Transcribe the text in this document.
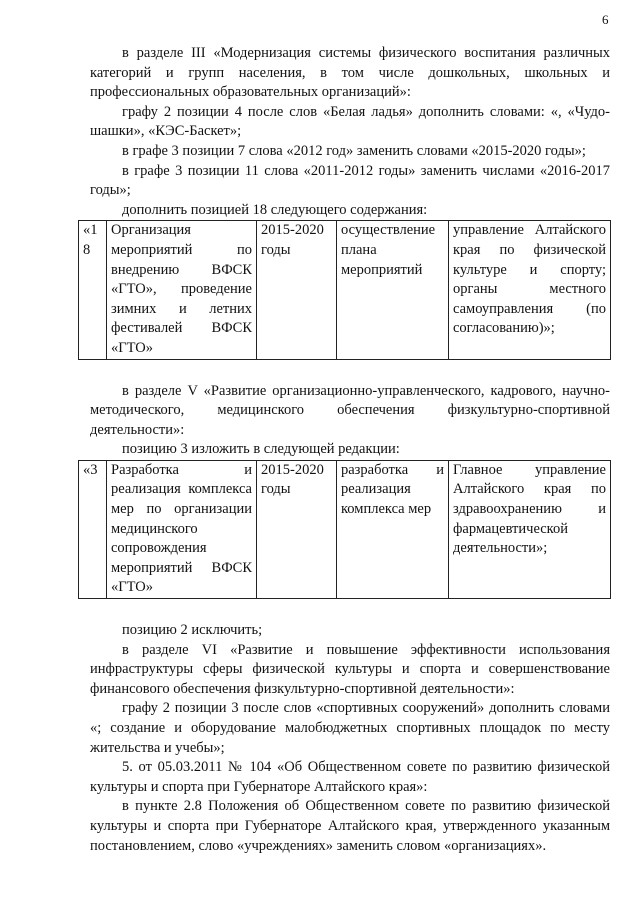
6

в разделе III «Модернизация системы физического воспитания различных категорий и групп населения, в том числе дошкольных, школьных и профессиональных образовательных организаций»:

графу 2 позиции 4 после слов «Белая ладья» дополнить словами: «, «Чудо-шашки», «КЭС-Баскет»;

в графе 3 позиции 7 слова «2012 год» заменить словами «2015-2020 годы»;

в графе 3 позиции 11 слова «2011-2012 годы» заменить числами «2016-2017 годы»;

дополнить позицией 18 следующего содержания:

«18	Организация мероприятий по внедрению ВФСК «ГТО», проведение зимних и летних фестивалей ВФСК «ГТО»	2015-2020 годы	осуществление плана мероприятий	управление Алтайского края по физической культуре и спорту; органы местного самоуправления (по согласованию)»;

в разделе V «Развитие организационно-управленческого, кадрового, научно-методического, медицинского обеспечения физкультурно-спортивной деятельности»:

позицию 3 изложить в следующей редакции:

«3	Разработка и реализация комплекса мер по организации медицинского сопровождения мероприятий ВФСК «ГТО»	2015-2020 годы	разработка и реализация комплекса мер	Главное управление Алтайского края по здравоохранению и фармацевтической деятельности»;

позицию 2 исключить;

в разделе VI «Развитие и повышение эффективности использования инфраструктуры сферы физической культуры и спорта и совершенствование финансового обеспечения физкультурно-спортивной деятельности»:

графу 2 позиции 3 после слов «спортивных сооружений» дополнить словами «; создание и оборудование малобюджетных спортивных площадок по месту жительства и учебы»;

5. от 05.03.2011 № 104 «Об Общественном совете по развитию физической культуры и спорта при Губернаторе Алтайского края»:

в пункте 2.8 Положения об Общественном совете по развитию физической культуры и спорта при Губернаторе Алтайского края, утвержденного указанным постановлением, слово «учреждениях» заменить словом «организациях».
